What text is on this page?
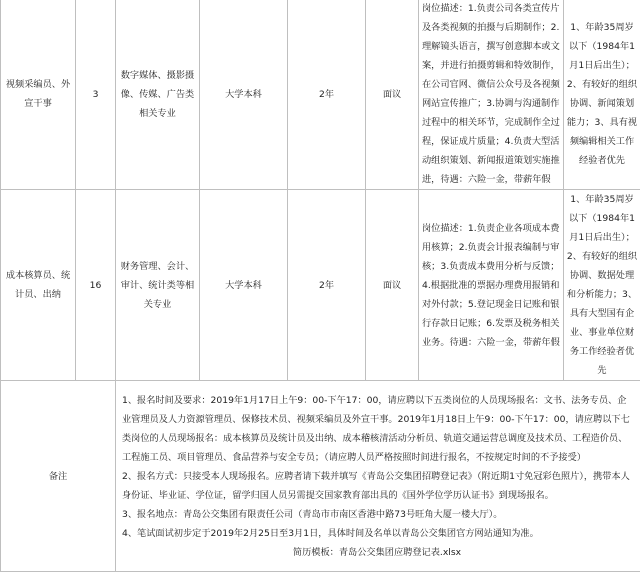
视频采编员、外宣干事	3	数字媒体、摄影摄像、传媒、广告类相关专业	大学本科	2年	面议	岗位描述：1.负责公司各类宣传片及各类视频的拍摄与后期制作；2.理解镜头语言，撰写创意脚本或文案，并进行拍摄剪辑和特效制作，在公司官网、微信公众号及各视频网站宣传推广；3.协调与沟通制作过程中的相关环节，完成制作全过程，保证成片质量；4.负责大型活动组织策划、新闻报道策划实施推进，待遇：六险一金，带薪年假	1、年龄35周岁以下（1984年1月1日后出生）；2、有较好的组织协调、新闻策划能力；3、具有视频编辑相关工作经验者优先
成本核算员、统计员、出纳	16	财务管理、会计、审计、统计类等相关专业	大学本科	2年	面议	岗位描述：1.负责企业各项成本费用核算；2.负责会计报表编制与审核；3.负责成本费用分析与反馈；4.根据批准的票据办理费用报销和对外付款；5.登记现金日记账和银行存款日记账；6.发票及税务相关业务。待遇：六险一金，带薪年假	1、年龄35周岁以下（1984年1月1日后出生）；2、有较好的组织协调、数据处理和分析能力；3、具有大型国有企业、事业单位财务工作经验者优先
备注		1、报名时间及要求：2019年1月17日上午9：00-下午17：00，请应聘以下五类岗位的人员现场报名：文书、法务专员、企业管理员及人力资源管理员、保修技术员、视频采编员及外宣干事。2019年1月18日上午9：00-下午17：00，请应聘以下七类岗位的人员现场报名：成本核算员及统计员及出纳、成本稽核清活动分析员、轨道交通运营总调度及技术员、工程造价员、工程施工员、项目管理员、食品营养与安全专员；（请应聘人员严格按照时间进行报名，不按规定时间的不予接受）
2、报名方式：只接受本人现场报名。应聘者请下载并填写《青岛公交集团招聘登记表》（附近期1寸免冠彩色照片），携带本人身份证、毕业证、学位证，留学归国人员另需提交国家教育部出具的《国外学位学历认证书》到现场报名。
3、报名地点：青岛公交集团有限责任公司（青岛市市南区香港中路73号旺角大厦一楼大厅）。
4、笔试面试初步定于2019年2月25日至3月1日，具体时间及名单以青岛公交集团官方网站通知为准。
简历模板：青岛公交集团应聘登记表.xlsx					
